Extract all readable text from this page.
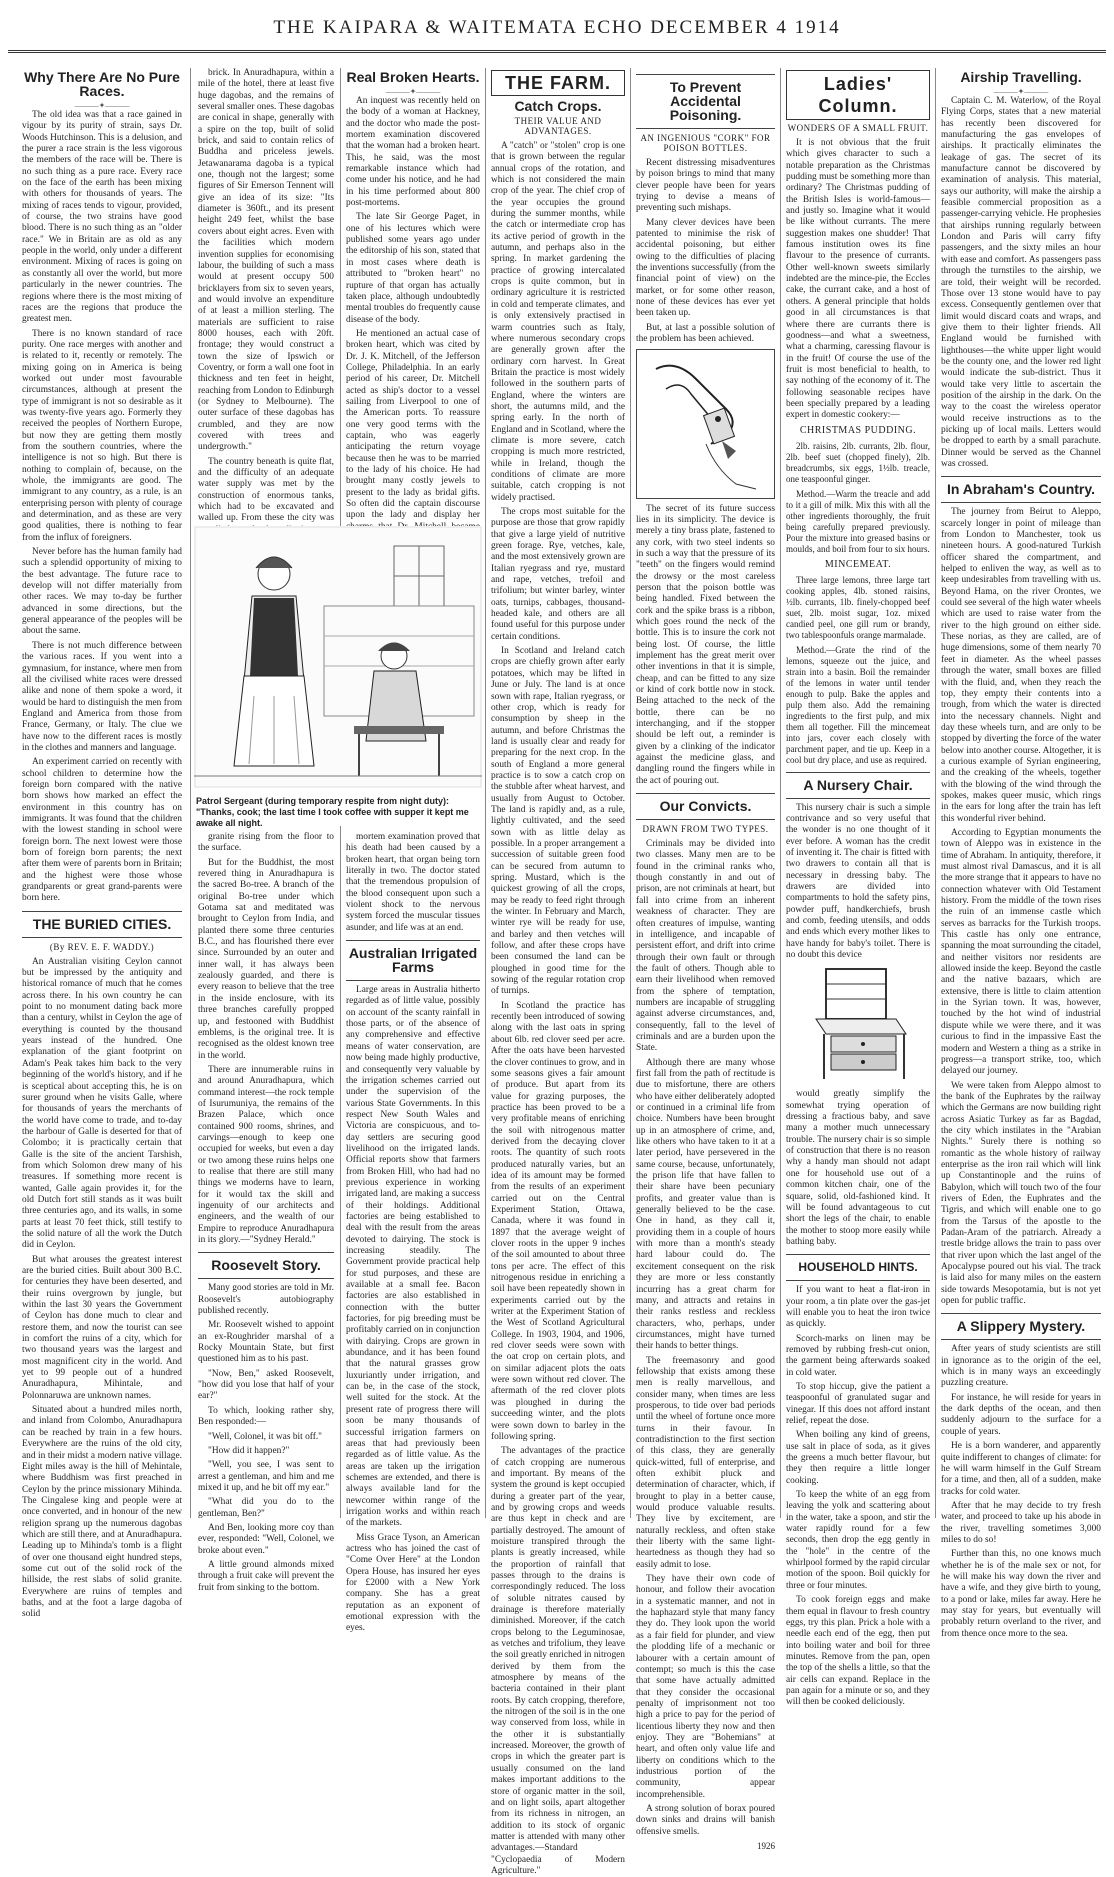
THE KAIPARA & WAITEMATA ECHO DECEMBER 4 1914
Why There Are No Pure Races.
———✦———

The old idea was that a race gained in vigour by its purity of strain, says Dr. Woods Hutchinson. This is a delusion, and the purer a race strain is the less vigorous the members of the race will be. There is no such thing as a pure race. Every race on the face of the earth has been mixing with others for thousands of years. The mixing of races tends to vigour, provided, of course, the two strains have good blood. There is no such thing as an "older race." We in Britain are as old as any people in the world, only under a different environment. Mixing of races is going on as constantly all over the world, but more particularly in the newer countries. The regions where there is the most mixing of races are the regions that produce the greatest men.

There is no known standard of race purity. One race merges with another and is related to it, recently or remotely. The mixing going on in America is being worked out under most favourable circumstances, although at present the type of immigrant is not so desirable as it was twenty-five years ago. Formerly they received the peoples of Northern Europe, but now they are getting them mostly from the southern countries, where the intelligence is not so high. But there is nothing to complain of, because, on the whole, the immigrants are good. The immigrant to any country, as a rule, is an enterprising person with plenty of courage and determination, and as these are very good qualities, there is nothing to fear from the influx of foreigners.

Never before has the human family had such a splendid opportunity of mixing to the best advantage. The future race to develop will not differ materially from other races. We may to-day be further advanced in some directions, but the general appearance of the peoples will be about the same.

There is not much difference between the various races. If you went into a gymnasium, for instance, where men from all the civilised white races were dressed alike and none of them spoke a word, it would be hard to distinguish the men from England and America from those from France, Germany, or Italy. The clue we have now to the different races is mostly in the clothes and manners and language.

An experiment carried on recently with school children to determine how the foreign born compared with the native born shows how marked an effect the environment in this country has on immigrants. It was found that the children with the lowest standing in school were foreign born. The next lowest were those born of foreign born parents; the next after them were of parents born in Britain; and the highest were those whose grandparents or great grand-parents were born here.

THE BURIED CITIES.
(By REV. E. F. WADDY.)

An Australian visiting Ceylon cannot but be impressed by the antiquity and historical romance of much that he comes across there. In his own country he can point to no monument dating back more than a century, whilst in Ceylon the age of everything is counted by the thousand years instead of the hundred. One explanation of the giant footprint on Adam's Peak takes him back to the very beginning of the world's history, and if he is sceptical about accepting this, he is on surer ground when he visits Galle, where for thousands of years the merchants of the world have come to trade, and to-day the harbour of Galle is deserted for that of Colombo; it is practically certain that Galle is the site of the ancient Tarshish, from which Solomon drew many of his treasures. If something more recent is wanted, Galle again provides it, for the old Dutch fort still stands as it was built three centuries ago, and its walls, in some parts at least 70 feet thick, still testify to the solid nature of all the work the Dutch did in Ceylon.

But what arouses the greatest interest are the buried cities. Built about 300 B.C. for centuries they have been deserted, and their ruins overgrown by jungle, but within the last 30 years the Government of Ceylon has done much to clear and restore them, and now the tourist can see in comfort the ruins of a city, which for two thousand years was the largest and most magnificent city in the world. And yet to 99 people out of a hundred Anuradhapura, Mihintale, and Polonnaruwa are unknown names.

Situated about a hundred miles north, and inland from Colombo, Anuradhapura can be reached by train in a few hours. Everywhere are the ruins of the old city, and in their midst a modern native village. Eight miles away is the hill of Mehintale, where Buddhism was first preached in Ceylon by the prince missionary Mihinda. The Cingalese king and people were at once converted, and in honour of the new religion sprang up the numerous dagobas which are still there, and at Anuradhapura. Leading up to Mihinda's tomb is a flight of over one thousand eight hundred steps, some cut out of the solid rock of the hillside, the rest slabs of solid granite. Everywhere are ruins of temples and baths, and at the foot a large dagoba of solid

brick. In Anuradhapura, within a mile of the hotel, there at least five huge dagobas, and the remains of several smaller ones. These dagobas are conical in shape, generally with a spire on the top, built of solid brick, and said to contain relics of Buddha and priceless jewels. Jetawanarama dagoba is a typical one, though not the largest; some figures of Sir Emerson Tennent will give an idea of its size: "Its diameter is 360ft., and its present height 249 feet, whilst the base covers about eight acres. Even with the facilities which modern invention supplies for economising labour, the building of such a mass would at present occupy 500 bricklayers from six to seven years, and would involve an expenditure of at least a million sterling. The materials are sufficient to raise 8000 houses, each with 20ft. frontage; they would construct a town the size of Ipswich or Coventry, or form a wall one foot in thickness and ten feet in height, reaching from London to Edinburgh (or Sydney to Melbourne). The outer surface of these dagobas has crumbled, and they are now covered with trees and undergrowth."

The country beneath is quite flat, and the difficulty of an adequate water supply was met by the construction of enormous tanks, which had to be excavated and walled up. From these the city was

Patrol Sergeant (during temporary respite from night duty): "Thanks, cook; the last time I took coffee with supper it kept me awake all night.

granite rising from the floor to the surface.

But for the Buddhist, the most revered thing in Anuradhapura is the sacred Bo-tree. A branch of the original Bo-tree under which Gotama sat and meditated was brought to Ceylon from India, and planted there some three centuries B.C., and has flourished there ever since. Surrounded by an outer and inner wall, it has always been zealously guarded, and there is every reason to believe that the tree in the inside enclosure, with its three branches carefully propped up, and festooned with Buddhist emblems, is the original tree. It is recognised as the oldest known tree in the world.

There are innumerable ruins in and around Anuradhapura, which command interest—the rock temple of Isurumuniya, the remains of the Brazen Palace, which once contained 900 rooms, shrines, and carvings—enough to keep one occupied for weeks, but even a day or two among these ruins helps one to realise that there are still many things we moderns have to learn, for it would tax the skill and ingenuity of our architects and engineers, and the wealth of our Empire to reproduce Anuradhapura in its glory.—"Sydney Herald."

Roosevelt Story.

Many good stories are told in Mr. Roosevelt's autobiography published recently.

Mr. Roosevelt wished to appoint an ex-Roughrider marshal of a Rocky Mountain State, but first questioned him as to his past.

"Now, Ben," asked Roosevelt, "how did you lose that half of your ear?"

To which, looking rather shy, Ben responded:—

"Well, Colonel, it was bit off."

"How did it happen?"

"Well, you see, I was sent to arrest a gentleman, and him and me mixed it up, and he bit off my ear."

"What did you do to the gentleman, Ben?"

And Ben, looking more coy than ever, responded: "Well, Colonel, we broke about even."

A little ground almonds mixed through a fruit cake will prevent the fruit from sinking to the bottom.

Real Broken Hearts.
———✦———

An inquest was recently held on the body of a woman at Hackney, and the doctor who made the post-mortem examination discovered that the woman had a broken heart. This, he said, was the most remarkable instance which had come under his notice, and he had in his time performed about 800 post-mortems.

The late Sir George Paget, in one of his lectures which were published some years ago under the editorship of his son, stated that in most cases where death is attributed to "broken heart" no rupture of that organ has actually taken place, although undoubtedly mental troubles do frequently cause disease of the body.

He mentioned an actual case of broken heart, which was cited by Dr. J. K. Mitchell, of the Jefferson College, Philadelphia. In an early period of his career, Dr. Mitchell acted as ship's doctor to a vessel sailing from Liverpool to one of the American ports. To reassure one very good terms with the captain, who was eagerly anticipating the return voyage because then he was to be married to the lady of his choice. He had brought many costly jewels to present to the lady as bridal gifts. So often did the captain discourse upon the lady and display her

mortem examination proved that his death had been caused by a broken heart, that organ being torn literally in two. The doctor stated that the tremendous propulsion of the blood consequent upon such a violent shock to the nervous system forced the muscular tissues asunder, and life was at an end.

Australian Irrigated Farms

Large areas in Australia hitherto regarded as of little value, possibly on account of the scanty rainfall in those parts, or of the absence of any comprehensive and effective means of water conservation, are now being made highly productive, and consequently very valuable by the irrigation schemes carried out under the supervision of the various State Governments. In this respect New South Wales and Victoria are conspicuous, and to-day settlers are securing good livelihood on the irrigated lands. Official reports show that farmers from Broken Hill, who had had no previous experience in working irrigated land, are making a success of their holdings. Additional factories are being established to deal with the result from the areas devoted to dairying. The stock is increasing steadily. The Government provide practical help for stud purposes, and these are available at a small fee. Bacon factories are also established in connection with the butter factories, for pig breeding must be profitably carried on in conjunction with dairying. Crops are grown in abundance, and it has been found that the natural grasses grow luxuriantly under irrigation, and can be, in the case of the stock, well suited for the stock. At the present rate of progress there will soon be many thousands of successful irrigation farmers on areas that had previously been regarded as of little value. As the areas are taken up the irrigation schemes are extended, and there is always available land for the newcomer within range of the irrigation works and within reach of the markets.

Miss Grace Tyson, an American actress who has joined the cast of "Come Over Here" at the London Opera House, has insured her eyes for £2000 with a New York company. She has a great reputation as an exponent of emotional expression with the eyes.

THE FARM.
Catch Crops.
THEIR VALUE AND ADVANTAGES.

A "catch" or "stolen" crop is one that is grown between the regular annual crops of the rotation, and which is not considered the main crop of the year. The chief crop of the year occupies the ground during the summer months, while the catch or intermediate crop has its active period of growth in the autumn, and perhaps also in the spring. In market gardening the practice of growing intercalated crops is quite common, but in ordinary agriculture it is restricted in cold and temperate climates, and is only extensively practised in warm countries such as Italy, where numerous secondary crops are generally grown after the ordinary corn harvest. In Great Britain the practice is most widely followed in the southern parts of England, where the winters are short, the autumns mild, and the spring early. In the north of England and in Scotland, where the climate is more severe, catch cropping is much more restricted, while in Ireland, though the conditions of climate are more suitable, catch cropping is not widely practised.

The crops most suitable for the purpose are those that grow rapidly that give a large yield of nutritive green forage. Rye, vetches, kale, and the most extensively grown are Italian ryegrass and rye, mustard and rape, vetches, trefoil and trifolium; but winter barley, winter oats, turnips, cabbages, thousand-headed kale, and others are all found useful for this purpose under certain conditions.

In Scotland and Ireland catch crops are chiefly grown after early potatoes, which may be lifted in June or July. The land is at once sown with rape, Italian ryegrass, or other crop, which is ready for consumption by sheep in the autumn, and before Christmas the land is usually clear and ready for preparing for the next crop. In the south of England a more general practice is to sow a catch crop on the stubble after wheat harvest, and usually from August to October. The land is rapidly and, as a rule, lightly cultivated, and the seed sown with as little delay as possible. In a proper arrangement a succession of suitable green food can be secured from autumn to spring. Mustard, which is the quickest growing of all the crops, may be ready to feed right through the winter. In February and March, winter rye will be ready for use, and barley and then vetches will follow, and after these crops have been consumed the land can be ploughed in good time for the sowing of the regular rotation crop of turnips.

In Scotland the practice has recently been introduced of sowing along with the last oats in spring about 6lb. red clover seed per acre. After the oats have been harvested the clover continues to grow, and in some seasons gives a fair amount of produce. But apart from its value for grazing purposes, the practice has been proved to be a very profitable means of enriching the soil with nitrogenous matter derived from the decaying clover roots. The quantity of such roots produced naturally varies, but an idea of its amount may be formed from the results of an experiment carried out on the Central Experiment Station, Ottawa, Canada, where it was found in 1897 that the average weight of clover roots in the upper 9 inches of the soil amounted to about three tons per acre. The effect of this nitrogenous residue in enriching a soil have been repeatedly shown in experiments carried out by the writer at the Experiment Station of the West of Scotland Agricultural College. In 1903, 1904, and 1906, red clover seeds were sown with the oat crop on certain plots, and on similar adjacent plots the oats were sown without red clover. The aftermath of the red clover plots was ploughed in during the succeeding winter, and the plots were sown down to barley in the following spring.

The advantages of the practice of catch cropping are numerous and important. By means of the system the ground is kept occupied during a greater part of the year, and by growing crops and weeds are thus kept in check and are partially destroyed. The amount of moisture transpired through the plants is greatly increased, while the proportion of rainfall that passes through to the drains is correspondingly reduced. The loss of soluble nitrates caused by drainage is therefore materially diminished. Moreover, if the catch crops belong to the Leguminosae, as vetches and trifolium, they leave the soil greatly enriched in nitrogen derived by them from the atmosphere by means of the bacteria contained in their plant roots. By catch cropping, therefore, the nitrogen of the soil is in the one way conserved from loss, while in the other it is substantially increased. Moreover, the growth of crops in which the greater part is usually consumed on the land makes important additions to the store of organic matter in the soil, and on light soils, apart altogether from its richness in nitrogen, an addition to its stock of organic matter is attended with many other advantages.—Standard "Cyclopaedia of Modern Agriculture."

To Prevent Accidental Poisoning.
AN INGENIOUS "CORK" FOR POISON BOTTLES.

Recent distressing misadventures by poison brings to mind that many clever people have been for years trying to devise a means of preventing such mishaps.

Many clever devices have been patented to minimise the risk of accidental poisoning, but either owing to the difficulties of placing the inventions successfully (from the financial point of view) on the market, or for some other reason, none of these devices has ever yet been taken up.

But, at last a possible solution of the problem has been achieved.

The secret of its future success lies in its simplicity. The device is merely a tiny brass plate, fastened to any cork, with two steel indents so in such a way that the pressure of its "teeth" on the fingers would remind the drowsy or the most careless person that the poison bottle was being handled. Fixed between the cork and the spike brass is a ribbon, which goes round the neck of the bottle. This is to insure the cork not being lost. Of course, the little implement has the great merit over other inventions in that it is simple, cheap, and can be fitted to any size or kind of cork bottle now in stock. Being attached to the neck of the bottle, there can be no interchanging, and if the stopper should be left out, a reminder is given by a clinking of the indicator against the medicine glass, and dangling round the fingers while in the act of pouring out.

Our Convicts.
DRAWN FROM TWO TYPES.

Criminals may be divided into two classes. Many men are to be found in the criminal ranks who, though constantly in and out of prison, are not criminals at heart, but fall into crime from an inherent weakness of character. They are often creatures of impulse, wanting in intelligence, and incapable of persistent effort, and drift into crime through their own fault or through the fault of others. Though able to earn their livelihood when removed from the sphere of temptation, numbers are incapable of struggling against adverse circumstances, and, consequently, fall to the level of criminals and are a burden upon the State.

Although there are many whose first fall from the path of rectitude is due to misfortune, there are others who have either deliberately adopted or continued in a criminal life from choice. Numbers have been brought up in an atmosphere of crime, and, like others who have taken to it at a later period, have persevered in the same course, because, unfortunately, the prison life that have fallen to their share have been pecuniary profits, and greater value than is generally believed to be the case. One in hand, as they call it, providing them in a couple of hours with more than a month's steady hard labour could do. The excitement consequent on the risk they are more or less constantly incurring has a great charm for many, and attracts and retains in their ranks restless and reckless characters, who, perhaps, under circumstances, might have turned their hands to better things.

The freemasonry and good fellowship that exists among these men is really marvellous, and consider many, when times are less prosperous, to tide over bad periods until the wheel of fortune once more turns in their favour. In contradistinction to the first section of this class, they are generally quick-witted, full of enterprise, and often exhibit pluck and determination of character, which, if brought to play in a better cause, would produce valuable results. They live by excitement, are naturally reckless, and often stake their liberty with the same light-heartedness as though they had so easily admit to lose.

They have their own code of honour, and follow their avocation in a systematic manner, and not in the haphazard style that many fancy they do. They look upon the world as a fair field for plunder, and view the plodding life of a mechanic or labourer with a certain amount of contempt; so much is this the case that some have actually admitted that they consider the occasional penalty of imprisonment not too high a price to pay for the period of licentious liberty they now and then enjoy. They are "Bohemians" at heart, and often only value life and liberty on conditions which to the industrious portion of the community, appear incomprehensible.

A strong solution of borax poured down sinks and drains will banish offensive smells.

1926
Ladies' Column.
WONDERS OF A SMALL FRUIT.

It is not obvious that the fruit which gives character to such a notable preparation as the Christmas pudding must be something more than ordinary? The Christmas pudding of the British Isles is world-famous—and justly so. Imagine what it would be like without currants. The mere suggestion makes one shudder! That famous institution owes its fine flavour to the presence of currants. Other well-known sweets similarly indebted are the mince-pie, the Eccles cake, the currant cake, and a host of others. A general principle that holds good in all circumstances is that where there are currants there is goodness—and what a sweetness, what a charming, caressing flavour is in the fruit! Of course the use of the fruit is most beneficial to health, to say nothing of the economy of it. The following seasonable recipes have been specially prepared by a leading expert in domestic cookery:—

CHRISTMAS PUDDING.

2lb. raisins, 2lb. currants, 2lb. flour, 2lb. beef suet (chopped finely), 2lb. breadcrumbs, six eggs, 1½lb. treacle, one teaspoonful ginger.

Method.—Warm the treacle and add to it a gill of milk. Mix this with all the other ingredients thoroughly, the fruit being carefully prepared previously. Pour the mixture into greased basins or moulds, and boil from four to six hours.

MINCEMEAT.

Three large lemons, three large tart cooking apples, 4lb. stoned raisins, ½lb. currants, 1lb. finely-chopped beef suet, 2lb. moist sugar, 1oz. mixed candied peel, one gill rum or brandy, two tablespoonfuls orange marmalade.

Method.—Grate the rind of the lemons, squeeze out the juice, and strain into a basin. Boil the remainder of the lemons in water until tender enough to pulp. Bake the apples and pulp them also. Add the remaining ingredients to the first pulp, and mix them all together. Fill the mincemeat into jars, cover each closely with parchment paper, and tie up. Keep in a cool but dry place, and use as required.

A Nursery Chair.

This nursery chair is such a simple contrivance and so very useful that the wonder is no one thought of it ever before. A woman has the credit of inventing it. The chair is fitted with two drawers to contain all that is necessary in dressing baby. The drawers are divided into compartments to hold the safety pins, powder puff, handkerchiefs, brush and comb, feeding utensils, and odds and ends which every mother likes to have handy for baby's toilet. There is no doubt this device

would greatly simplify the somewhat trying operation of dressing a fractious baby, and save many a mother much unnecessary trouble. The nursery chair is so simple of construction that there is no reason why a handy man should not adapt one for household use out of a common kitchen chair, one of the square, solid, old-fashioned kind. It will be found advantageous to cut short the legs of the chair, to enable the mother to stoop more easily while bathing baby.

HOUSEHOLD HINTS.

If you want to heat a flat-iron in your room, a tin plate over the gas-jet will enable you to heat the iron twice as quickly.

Scorch-marks on linen may be removed by rubbing fresh-cut onion, the garment being afterwards soaked in cold water.

To stop hiccup, give the patient a teaspoonful of granulated sugar and vinegar. If this does not afford instant relief, repeat the dose.

When boiling any kind of greens, use salt in place of soda, as it gives the greens a much better flavour, but they then require a little longer cooking.

To keep the white of an egg from leaving the yolk and scattering about in the water, take a spoon, and stir the water rapidly round for a few seconds, then drop the egg gently in the "hole" in the centre of the whirlpool formed by the rapid circular motion of the spoon. Boil quickly for three or four minutes.

To cook foreign eggs and make them equal in flavour to fresh country eggs, try this plan. Prick a hole with a needle each end of the egg, then put into boiling water and boil for three minutes. Remove from the pan, open the top of the shells a little, so that the air cells can expand. Replace in the pan again for a minute or so, and they will then be cooked deliciously.

Airship Travelling.
———✦———

Captain C. M. Waterlow, of the Royal Flying Corps, states that a new material has recently been discovered for manufacturing the gas envelopes of airships. It practically eliminates the leakage of gas. The secret of its manufacture cannot be discovered by examination of analysis. This material, says our authority, will make the airship a feasible commercial proposition as a passenger-carrying vehicle. He prophesies that airships running regularly between London and Paris will carry fifty passengers, and the sixty miles an hour with ease and comfort. As passengers pass through the turnstiles to the airship, we are told, their weight will be recorded. Those over 13 stone would have to pay excess. Consequently gentlemen over that limit would discard coats and wraps, and give them to their lighter friends. All England would be furnished with lighthouses—the white upper light would be the county one, and the lower red light would indicate the sub-district. Thus it would take very little to ascertain the position of the airship in the dark. On the way to the coast the wireless operator would receive instructions as to the picking up of local mails. Letters would be dropped to earth by a small parachute. Dinner would be served as the Channel was crossed.

In Abraham's Country.

The journey from Beirut to Aleppo, scarcely longer in point of mileage than from London to Manchester, took us nineteen hours. A good-natured Turkish officer shared the compartment, and helped to enliven the way, as well as to keep undesirables from travelling with us. Beyond Hama, on the river Orontes, we could see several of the high water wheels which are used to raise water from the river to the high ground on either side. These norias, as they are called, are of huge dimensions, some of them nearly 70 feet in diameter. As the wheel passes through the water, small boxes are filled with the fluid, and, when they reach the top, they empty their contents into a trough, from which the water is directed into the necessary channels. Night and day these wheels turn, and are only to be stopped by diverting the force of the water below into another course. Altogether, it is a curious example of Syrian engineering, and the creaking of the wheels, together with the blowing of the wind through the spokes, makes queer music, which rings in the ears for long after the train has left this wonderful river behind.

According to Egyptian monuments the town of Aleppo was in existence in the time of Abraham. In antiquity, therefore, it must almost rival Damascus, and it is all the more strange that it appears to have no connection whatever with Old Testament history. From the middle of the town rises the ruin of an immense castle which serves as barracks for the Turkish troops. This castle has only one entrance, spanning the moat surrounding the citadel, and neither visitors nor residents are allowed inside the keep. Beyond the castle and the native bazaars, which are extensive, there is little to claim attention in the Syrian town. It was, however, touched by the hot wind of industrial dispute while we were there, and it was curious to find in the impassive East the modern and Western a thing as a strike in progress—a transport strike, too, which delayed our journey.

We were taken from Aleppo almost to the bank of the Euphrates by the railway which the Germans are now building right across Asiatic Turkey as far as Bagdad, the city which instilates in the "Arabian Nights." Surely there is nothing so romantic as the whole history of railway enterprise as the iron rail which will link up Constantinople and the ruins of Babylon, which will touch two of the four rivers of Eden, the Euphrates and the Tigris, and which will enable one to go from the Tarsus of the apostle to the Padan-Aram of the patriarch. Already a trestle bridge allows the train to pass over that river upon which the last angel of the Apocalypse poured out his vial. The track is laid also for many miles on the eastern side towards Mesopotamia, but is not yet open for public traffic.

A Slippery Mystery.

After years of study scientists are still in ignorance as to the origin of the eel, which is in many ways an exceedingly puzzling creature.

For instance, he will reside for years in the dark depths of the ocean, and then suddenly adjourn to the surface for a couple of years.

He is a born wanderer, and apparently quite indifferent to changes of climate: for he will warm himself in the Gulf Stream for a time, and then, all of a sudden, make tracks for cold water.

After that he may decide to try fresh water, and proceed to take up his abode in the river, travelling sometimes 3,000 miles to do so!

Further than this, no one knows much whether he is of the male sex or not, for he will make his way down the river and have a wife, and they give birth to young, to a pond or lake, miles far away. Here he may stay for years, but eventually will probably return overland to the river, and from thence once more to the sea.
